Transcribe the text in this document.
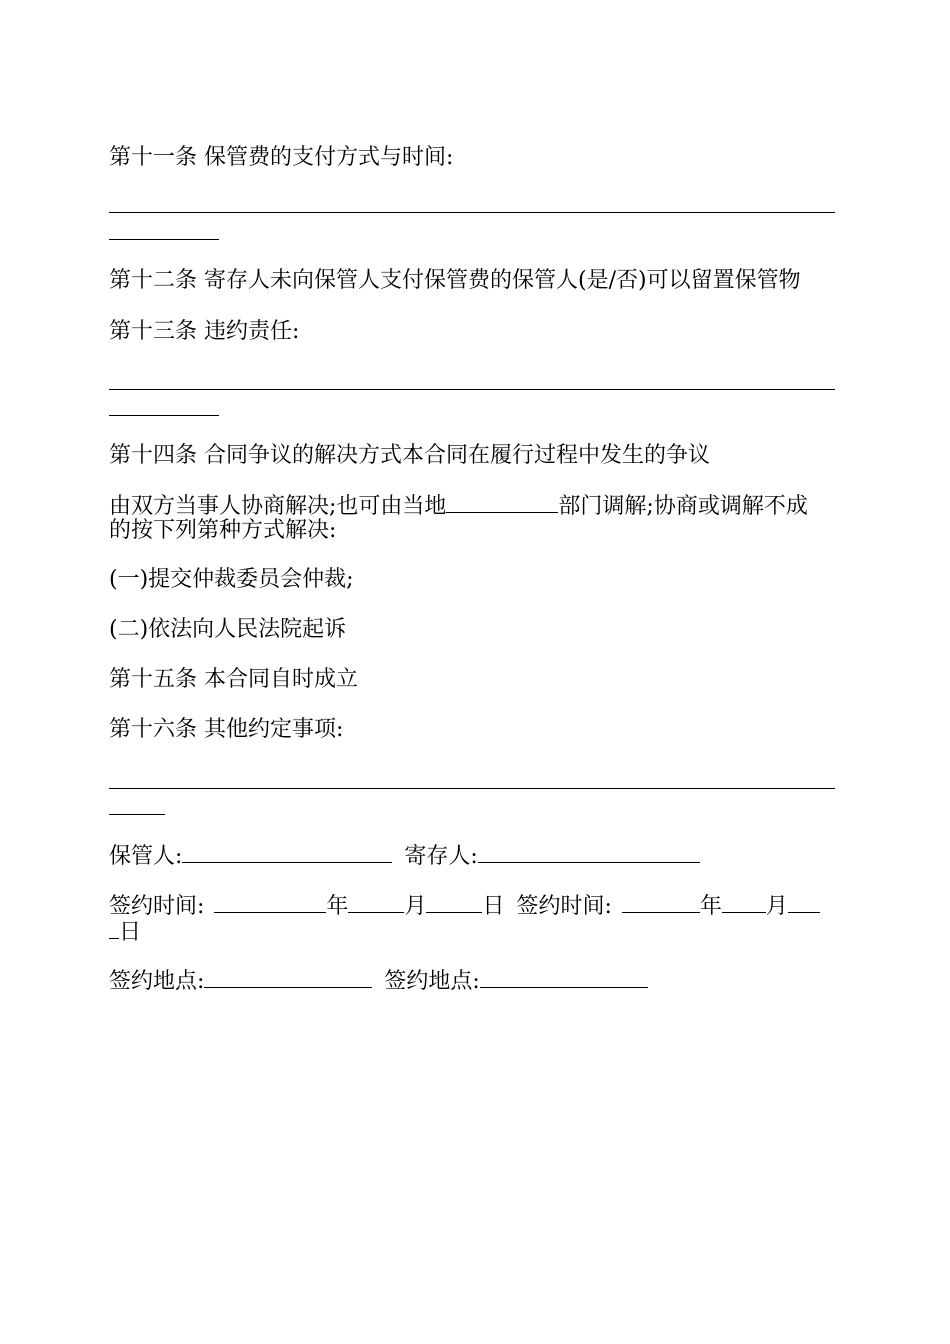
第十一条 保管费的支付方式与时间:
第十二条 寄存人未向保管人支付保管费的保管人(是/否)可以留置保管物
第十三条 违约责任:
第十四条 合同争议的解决方式本合同在履行过程中发生的争议
由双方当事人协商解决;也可由当地	部门调解;协商或调解不成
的按下列第种方式解决:
(一)提交仲裁委员会仲裁;
(二)依法向人民法院起诉
第十五条 本合同自时成立
第十六条 其他约定事项:
保管人:	寄存人:
签约时间:	年	月	日 签约时间:	年 月
日
签约地点:	签约地点:
